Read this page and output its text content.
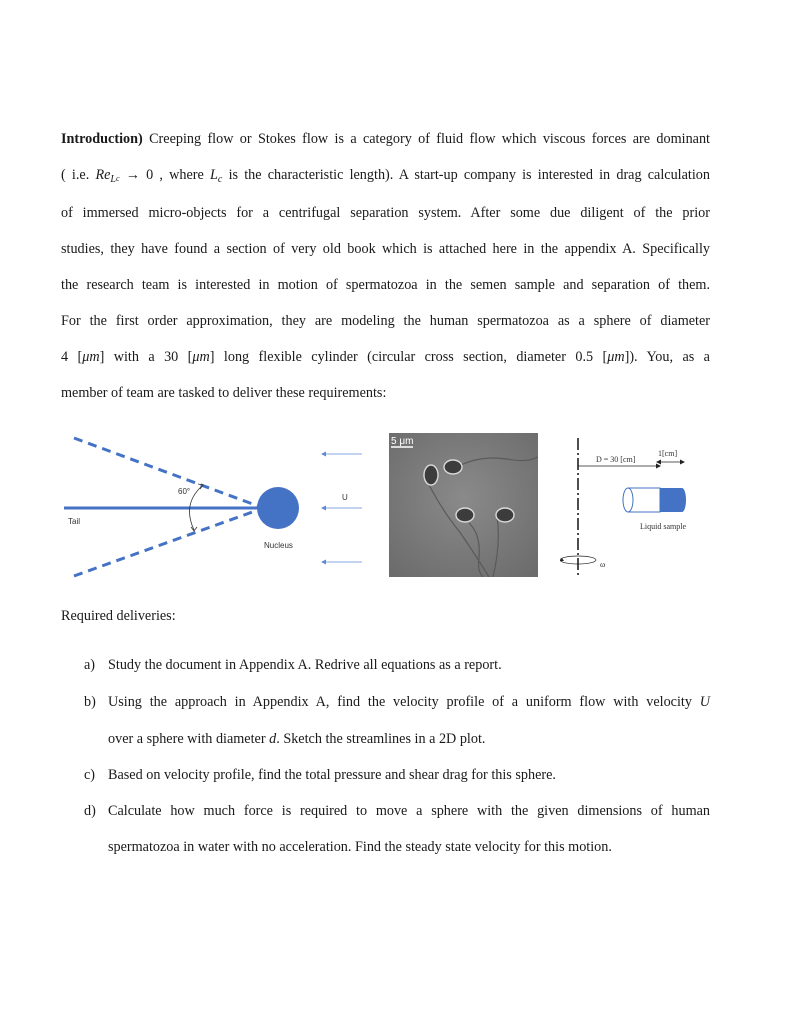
Introduction) Creeping flow or Stokes flow is a category of fluid flow which viscous forces are dominant
( i.e. $Re_Lc \to 0$ , where $L_c$ is the characteristic length). A start-up company is interested in drag calculation
of immersed micro-objects for a centrifugal separation system. After some due diligent of the prior
studies, they have found a section of very old book which is attached here in the appendix A. Specifically
the research team is interested in motion of spermatozoa in the semen sample and separation of them.
For the first order approximation, they are modeling the human spermatozoa as a sphere of diameter
4 [μm] with a 30 [μm] long flexible cylinder (circular cross section, diameter 0.5 [μm]). You, as a
member of team are tasked to deliver these requirements:
60°
Tail
Nucleus
U
5 μm
D = 30 [cm]
1[cm]
Liquid sample
ω
Required deliveries:
a) Study the document in Appendix A. Redrive all equations as a report.
b) Using the approach in Appendix A, find the velocity profile of a uniform flow with velocity U
over a sphere with diameter d. Sketch the streamlines in a 2D plot.
c) Based on velocity profile, find the total pressure and shear drag for this sphere.
d) Calculate how much force is required to move a sphere with the given dimensions of human
spermatozoa in water with no acceleration. Find the steady state velocity for this motion.
